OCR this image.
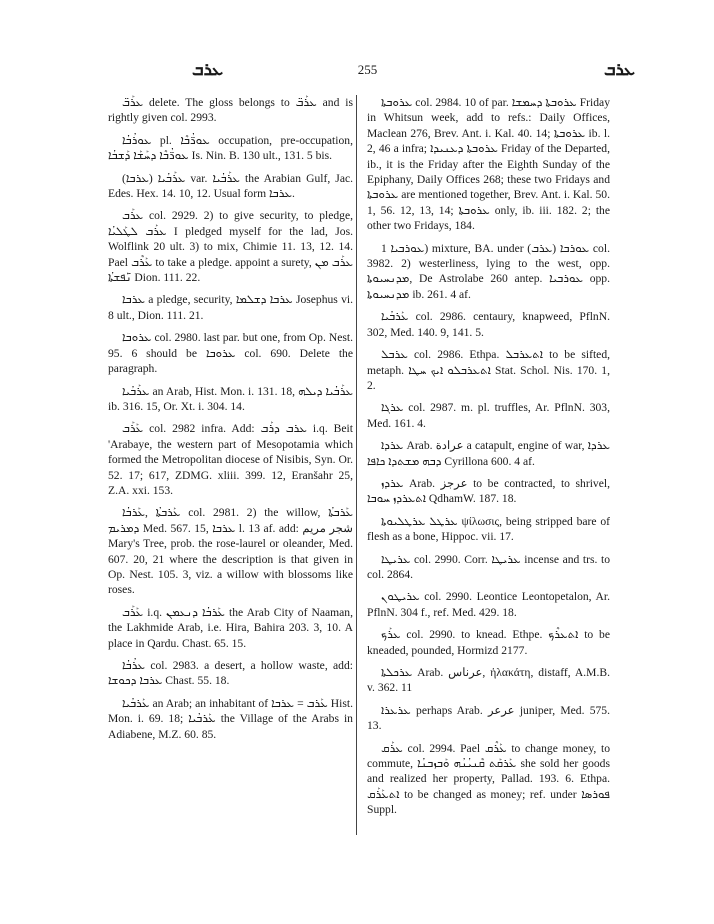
ܥܪܒ	255	ܥܪܒ

ܥܪܰܒ̈ delete. The gloss belongs to ܥܪܰܒ̈ and is rightly given col. 2993.

ܥܘܪܳܒܳܐ pl. ܥܘܪ̈ܳܒܶܐ occupation, pre-occupation, ܥܘܪ̈ܳܒܶܐ ܕܚܰܫܰܐ ܕܰܫܒܳܐ Is. Nin. B. 130 ult., 131. 5 bis.

ܥܪܰܒܳܝܐ (ܥܪܒܐ) var. ܥܪܰܒܳܝܐ the Arabian Gulf, Jac. Edes. Hex. 14. 10, 12. Usual form ܥܪܒܐ.

ܥܪܰܒ col. 2929. 2) to give security, to pledge, ܥܪܰܒ ܠܛܰܠܝܳܐ I pledged myself for the lad, Jos. Wolflink 20 ult. 3) to mix, Chimie 11. 13, 12. 14. Pael ܥܰܪܶܒ to take a pledge. appoint a surety, ܥܪܰܒ ܡܢ ܢ̈ܰܦܫܬܳܐ Dion. 111. 22.

ܥܪܒܐ a pledge, security, ܥܪܒܐ ܕܫܠܡܐ Josephus vi. 8 ult., Dion. 111. 21.

ܥܪܘܒܐ col. 2980. last par. but one, from Op. Nest. 95. 6 should be ܥܪܘܒܐ col. 690. Delete the paragraph.

ܥܪܰܒܳܝܐ an Arab, Hist. Mon. i. 131. 18, ܥܪܰܒܳܝܐ ܕܝܠܗ ib. 316. 15, Or. Xt. i. 304. 14.

ܥܰܪܰܒ col. 2982 infra. Add: ܥܪܒ ܕܪܰܒ i.q. Beit 'Arabaye, the western part of Mesopotamia which formed the Metropolitan diocese of Nisibis, Syn. Or. 52. 17; 617, ZDMG. xliii. 399. 12, Eranšahr 25, Z.A. xxi. 153.

ܥܰܪܒܬܳܐ ,ܥܰܪܒܳܐ col. 2981. 2) the willow, ܥܰܪܒܬܳܐ ܕܡܪܝܡ Med. 567. 15, ܥܪܒܐ l. 13 af. add: شجر مريم Mary's Tree, prob. the rose-laurel or oleander, Med. 607. 20, 21 where the description is that given in Op. Nest. 105. 3, viz. a willow with blossoms like roses.

ܥܰܪܰܒ i.q. ܥܰܪܒܳܐ ܕܢܥܡܢ the Arab City of Naaman, the Lakhmide Arab, i.e. Hira, Bahira 203. 3, 10. A place in Qardu. Chast. 65. 15.

ܥܪܳܒܳܐ col. 2983. a desert, a hollow waste, add: ܥܪܒܐ ܕܟܘܫܐ Chast. 55. 18.

ܥܰܪܒܳܝܐ an Arab; an inhabitant of ܥܰܪܒ = ܥܪܒܐ Hist. Mon. i. 69. 18; ܥܰܪܒܳܝܐ the Village of the Arabs in Adiabene, M.Z. 60. 85.

ܥܪܘܒܬܐ col. 2984. 10 of par. ܥܪܘܒܬܐ ܕܚܡܫܐ Friday in Whitsun week, add to refs.: Daily Offices, Maclean 276, Brev. Ant. i. Kal. 40. 14; ܥܪܘܒܬܐ ib. l. 2, 46 a infra; ܥܪܘܒܬܐ ܕܥܢܝܕܐ Friday of the Departed, ib., it is the Friday after the Eighth Sunday of the Epiphany, Daily Offices 268; these two Fridays and ܥܪܘܒܬܐ are mentioned together, Brev. Ant. i. Kal. 50. 1, 56. 12, 13, 14; ܥܪܘܒܬܐ only, ib. iii. 182. 2; the other two Fridays, 184.

ܥܘܪܒܝܐ 1) mixture, BA. under ܥܘܪܒܐ (ܥܪܒ) col. 3982. 2) westerliness, lying to the west, opp. ܡܕܢܚܝܘܬܐ, De Astrolabe 260 antep. ܥܘܪܒܝܐ opp. ܡܕܢܚܝܘܬܐ ib. 261. 4 af.

ܥܰܪܒܳܝܐ col. 2986. centaury, knapweed, PflnN. 302, Med. 140. 9, 141. 5.

ܥܪܒܠ col. 2986. Ethpa. ܐܬܥܪܒܠ to be sifted, metaph. ܐܬܥܪܒܠܘ ܐܝܟ ܚܛܐ Stat. Schol. Nis. 170. 1, 2.

ܥܪܓܐ col. 2987. m. pl. truffles, Ar. PflnN. 303, Med. 161. 4.

ܥܪܕܐ Arab. عرادة a catapult, engine of war, ܥܪܕܐ ܕܒܗ ܡܫܬܕܐ ܟܐܦܐ Cyrillona 600. 4 af.

ܥܪܕܙ Arab. عرجز to be contracted, to shrivel, ܐܬܥܪܕܙ ܚܘܒܐ QdhamW. 187. 18.

ܥܪܛܠ ܥܪܛܠܝܘܬܐ ψίλωσις, being stripped bare of flesh as a bone, Hippoc. vii. 17.

ܥܪܝܛܐ col. 2990. Corr. ܥܪܝܛܐ incense and trs. to col. 2864.

ܥܪܝܛܘܢ col. 2990. Leontice Leontopetalon, Ar. PflnN. 304 f., ref. Med. 429. 18.

ܥܪܰܟ col. 2990. to knead. Ethpe. ܐܬܥܪܶܟ to be kneaded, pounded, Hormizd 2177.

ܥܪܟܠܬܐ Arab. عرناس, ἠλακάτη, distaff, A.M.B. v. 362. 11

ܥܪܥܪܐ perhaps Arab. عرعر juniper, Med. 575. 13.

ܥܪܰܩ col. 2994. Pael ܥܰܪܶܩ to change money, to commute, ܥܰܪܩܰܬ ܩܶܢܝܳܢܳܗ ܘܰܒܙܒܢܳܐ she sold her goods and realized her property, Pallad. 193. 6. Ethpa. ܐܬܥܰܪܰܩ to be changed as money; ref. under ܦܘܪܣܐ Suppl.
